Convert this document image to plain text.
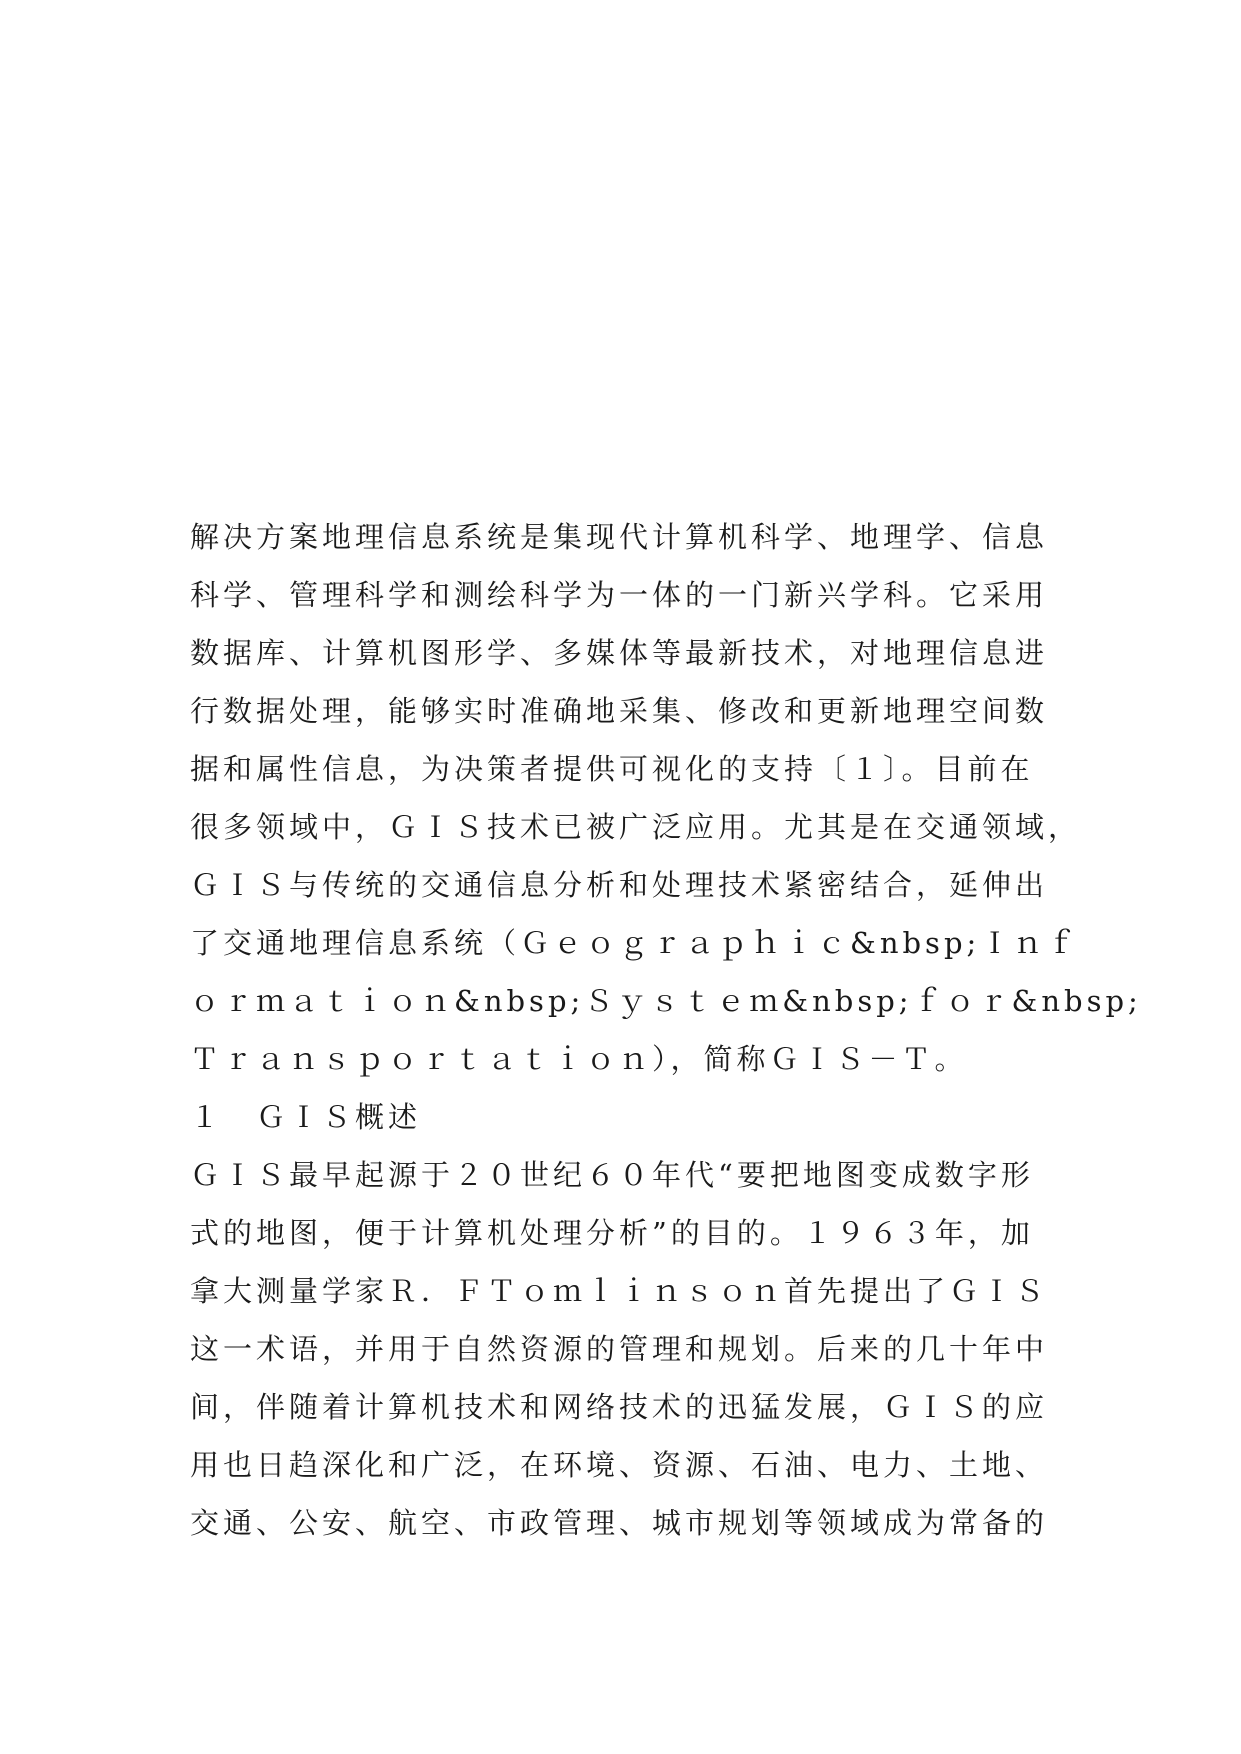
解决方案地理信息系统是集现代计算机科学、地理学、信息
科学、管理科学和测绘科学为一体的一门新兴学科。它采用
数据库、计算机图形学、多媒体等最新技术，对地理信息进
行数据处理，能够实时准确地采集、修改和更新地理空间数
据和属性信息，为决策者提供可视化的支持〔１〕。目前在
很多领域中，ＧＩＳ技术已被广泛应用。尤其是在交通领域，
ＧＩＳ与传统的交通信息分析和处理技术紧密结合，延伸出
了交通地理信息系统（Ｇｅｏｇｒａｐｈｉｃ&nbsp;Ｉｎｆ
ｏｒｍａｔｉｏｎ&nbsp;Ｓｙｓｔｅｍ&nbsp;ｆｏｒ&nbsp;
Ｔｒａｎｓｐｏｒｔａｔｉｏｎ），简称ＧＩＳ－Ｔ。
１　ＧＩＳ概述
ＧＩＳ最早起源于２０世纪６０年代“要把地图变成数字形
式的地图，便于计算机处理分析”的目的。１９６３年，加
拿大测量学家Ｒ．ＦＴｏｍｌｉｎｓｏｎ首先提出了ＧＩＳ
这一术语，并用于自然资源的管理和规划。后来的几十年中
间，伴随着计算机技术和网络技术的迅猛发展，ＧＩＳ的应
用也日趋深化和广泛，在环境、资源、石油、电力、土地、
交通、公安、航空、市政管理、城市规划等领域成为常备的
